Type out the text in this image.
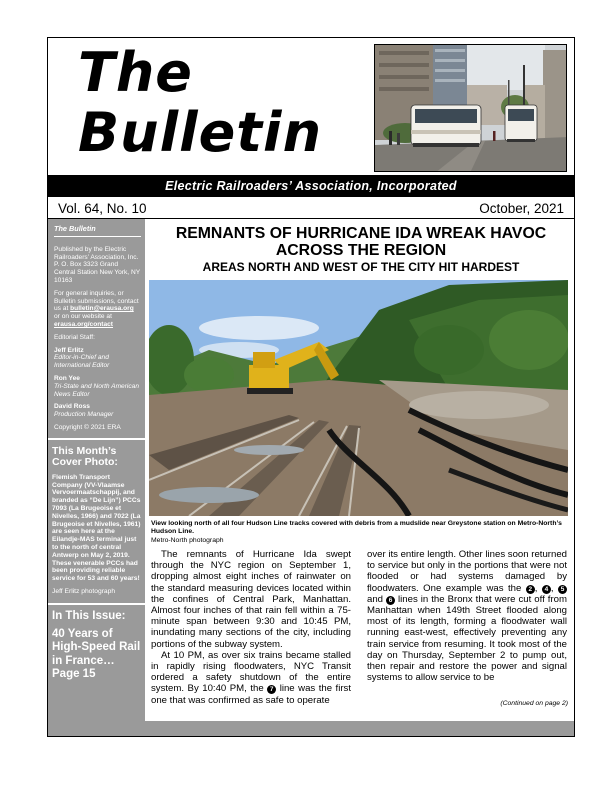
The
Bulletin
Electric Railroaders’ Association, Incorporated
Vol. 64, No. 10	October, 2021

The Bulletin

Published by the Electric Railroaders’ Association, Inc. P. O. Box 3323 Grand Central Station New York, NY 10163

For general inquiries, or Bulletin submissions, contact us at bulletin@erausa.org or on our website at erausa.org/contact

Editorial Staff:

Jeff Erlitz
Editor-in-Chief and International Editor

Ron Yee
Tri-State and North American News Editor

David Ross
Production Manager

Copyright © 2021 ERA

This Month’s Cover Photo:

Flemish Transport Company (VV-Vlaamse Vervoermaatschappij, and branded as “De Lijn”) PCCs 7093 (La Brugeoise et Nivelles, 1966) and 7022 (La Brugeoise et Nivelles, 1961) are seen here at the Eilandje-MAS terminal just to the north of central Antwerp on May 2, 2019. These venerable PCCs had been providing reliable service for 53 and 60 years!

Jeff Erlitz photograph

In This Issue:

40 Years of High-Speed Rail in France… Page 15

REMNANTS OF HURRICANE IDA WREAK HAVOC ACROSS THE REGION
AREAS NORTH AND WEST OF THE CITY HIT HARDEST
View looking north of all four Hudson Line tracks covered with debris from a mudslide near Greystone station on Metro-North’s Hudson Line.
Metro-North photograph

The remnants of Hurricane Ida swept through the NYC region on September 1, dropping almost eight inches of rainwater on the standard measuring devices located within the confines of Central Park, Manhattan. Almost four inches of that rain fell within a 75-minute span between 9:30 and 10:45 PM, inundating many sections of the city, including portions of the subway system.

At 10 PM, as over six trains became stalled in rapidly rising floodwaters, NYC Transit ordered a safety shutdown of the entire system. By 10:40 PM, the 7 line was the first one that was confirmed as safe to operate

over its entire length. Other lines soon returned to service but only in the portions that were not flooded or had systems damaged by floodwaters. One example was the 2 , 4 , 5 and 6 lines in the Bronx that were cut off from Manhattan when 149th Street flooded along most of its length, forming a floodwater wall running east-west, effectively preventing any train service from resuming. It took most of the day on Thursday, September 2 to pump out, then repair and restore the power and signal systems to allow service to be

(Continued on page 2)
